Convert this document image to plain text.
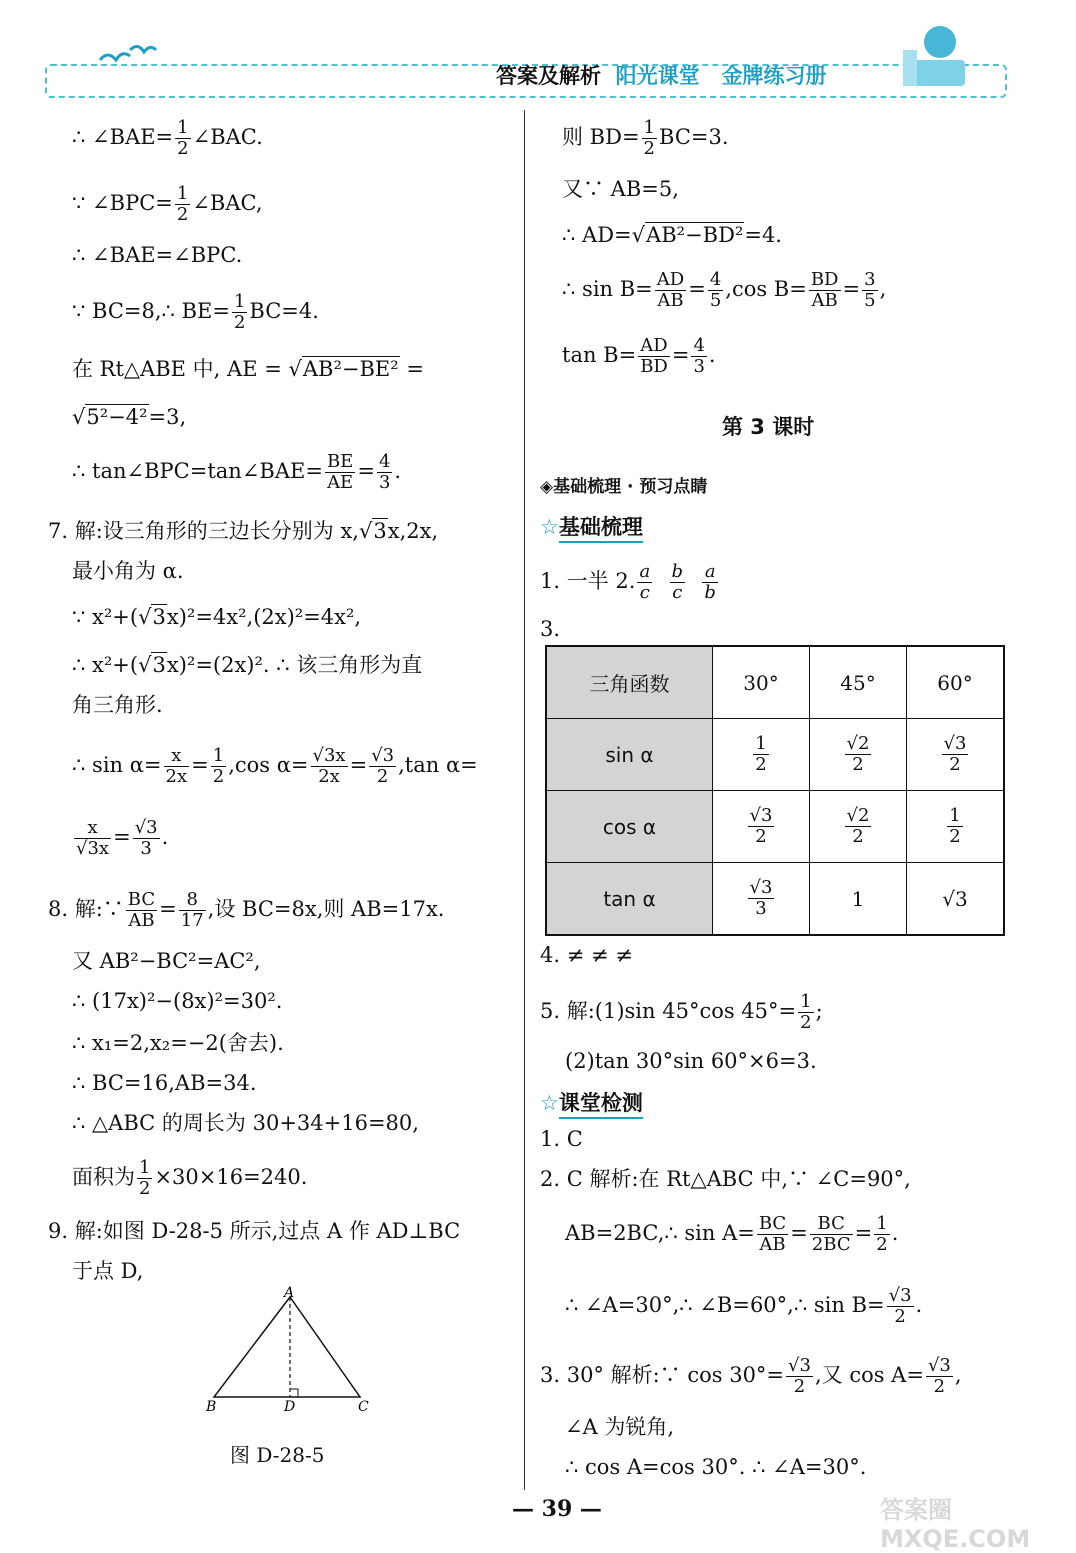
答案及解析 阳光课堂 金牌练习册
∴ ∠BAE= $\frac{1}{2}$ ∠BAC.
∵ ∠BPC= $\frac{1}{2}$ ∠BAC,
∴ ∠BAE=∠BPC.
∵ BC=8,∴ $BE= \frac{1}{2} BC=4$.
在 Rt△ABE 中, AE = √AB²−BE² =
√5²−4²=3,
∴ tan∠BPC=tan∠BAE= $\frac{BE}{AE} = \frac{4}{3}$ .
7. 解:设三角形的三边长分别为 x,√3x,2x,
最小角为 α.
∵ x²+(√3x)²=4x²,(2x)²=4x²,
∴ x²+(√3x)²=(2x)². ∴ 该三角形为直
角三角形.
∴ $\sin \alpha= \frac{x}{2x} = \frac{1}{2} ,\cos$ $\alpha= \frac{√3x}{2x} = \frac{√3}{2} ,\tan$ α=
$\frac{x}{√3x} = \frac{√3}{3}$ .
8. 解:∵ $\frac{BC}{AB} = \frac{8}{17}$ ,设 BC=8x,则 AB=17x.
又 AB²−BC²=AC²,
∴ (17x)²−(8x)²=30².
∴ x₁=2,x₂=−2(舍去).
∴ BC=16,AB=34.
∴ △ABC 的周长为 30+34+16=80,
面积为 $\frac{1}{2} \times 30\times 16=240$.
9. 解:如图 D-28-5 所示,过点 A 作 AD⊥BC
于点 D,
A
B	D	C
图 D-28-5
则 $BD= \frac{1}{2} BC=3$.
又∵ AB=5,
∴ AD=√AB²−BD²=4.
∴ $\sin B= \frac{AD}{AB} = \frac{4}{5} ,\cos$ $B= \frac{BD}{AB} = \frac{3}{5}$ ,
$\tan B= \frac{AD}{BD} = \frac{4}{3}$ .
第 3 课时
◈基础梳理 · 预习点睛
☆基础梳理
1. 一半 2. $\frac{a}{c}$
$\frac{b}{c}$
$\frac{a}{b}$
3.
三角函数	30°	45°	60°
sin α	$\frac{1}{2}$	$\frac{√2}{2}$	$\frac{√3}{2}$

cos α	$\frac{√3}{2}$	$\frac{√2}{2}$	$\frac{1}{2}$

tan α	$\frac{√3}{3}$	1	√3
4. ≠ ≠ ≠
5. 解:(1)sin 45°cos $45^\circ= \frac{1}{2}$ ;
(2)tan 30°sin 60°×6=3.
☆课堂检测
1. C
2. C 解析:在 Rt△ABC 中,∵ ∠C=90°,
AB=2BC,∴ $\sin A= \frac{BC}{AB} = \frac{BC}{2BC} = \frac{1}{2}$ .
∴ ∠A=30°,∴ ∠B=60°,∴ $\sin B= \frac{√3}{2}$ .
3. 30° 解析:∵ $\cos 30^\circ= \frac{√3}{2}$ ,又 $\cos A= \frac{√3}{2}$ ,
∠A 为锐角,
∴ cos A=cos 30°. ∴ ∠A=30°.
— 39 —	答案圈 MXQE.COM
